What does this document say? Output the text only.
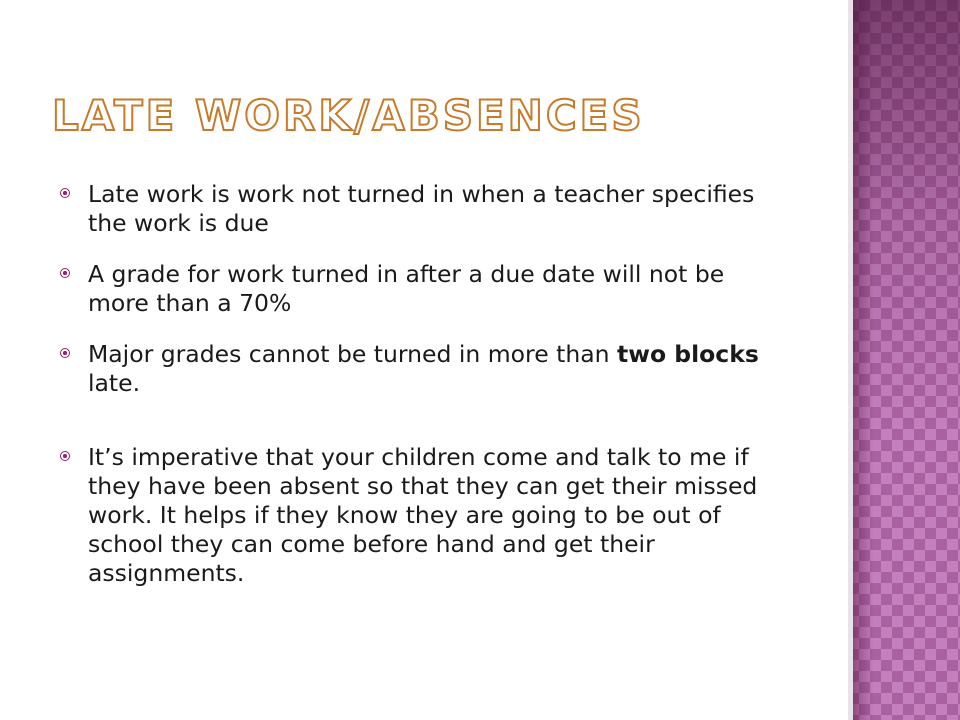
LATE WORK/ABSENCES
Late work is work not turned in when a teacher specifies the work is due
A grade for work turned in after a due date will not be more than a 70%
Major grades cannot be turned in more than two blocks late.
It’s imperative that your children come and talk to me if they have been absent so that they can get their missed work. It helps if they know they are going to be out of school they can come before hand and get their assignments.
